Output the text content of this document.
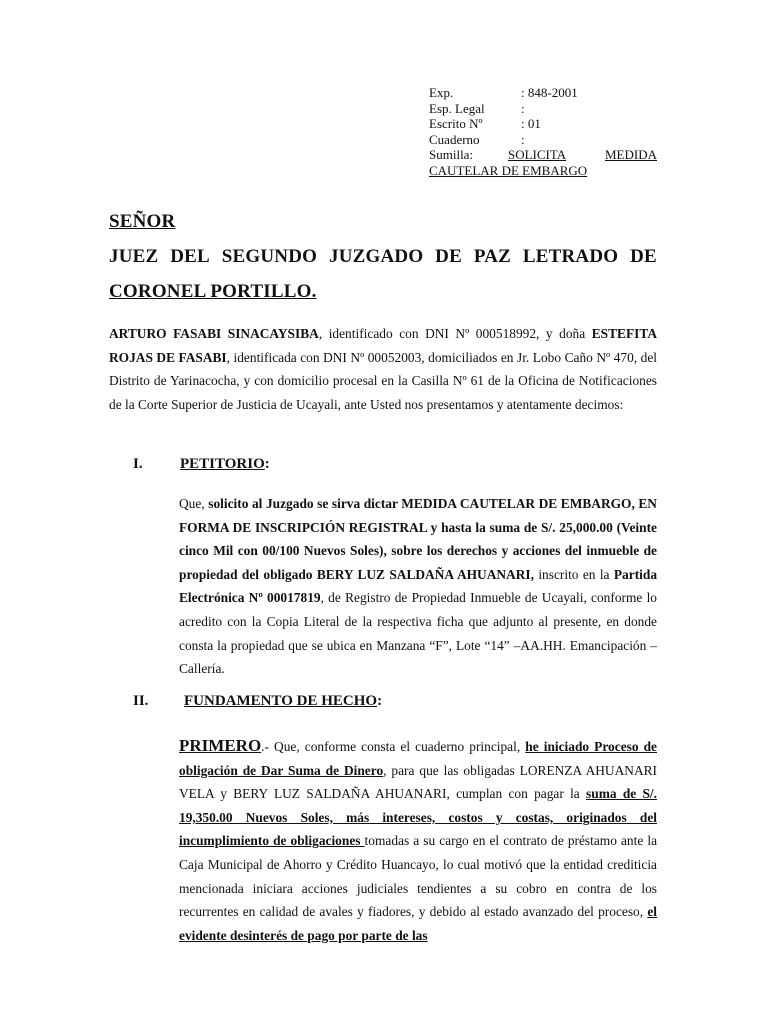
Exp.	: 848-2001
Esp. Legal	:
Escrito Nº	: 01
Cuaderno	:
Sumilla:	SOLICITA	MEDIDA
CAUTELAR DE EMBARGO
SEÑOR
JUEZ DEL SEGUNDO JUZGADO DE PAZ LETRADO DE
CORONEL PORTILLO.
ARTURO FASABI SINACAYSIBA, identificado con DNI Nº 000518992, y doña ESTEFITA ROJAS DE FASABI, identificada con DNI Nº 00052003, domiciliados en Jr. Lobo Caño Nº 470, del Distrito de Yarinacocha, y con domicilio procesal en la Casilla Nº 61 de la Oficina de Notificaciones de la Corte Superior de Justicia de Ucayali, ante Usted nos presentamos y atentamente decimos:
I. PETITORIO:
Que, solicito al Juzgado se sirva dictar MEDIDA CAUTELAR DE EMBARGO, EN FORMA DE INSCRIPCIÓN REGISTRAL y hasta la suma de S/. 25,000.00 (Veinte cinco Mil con 00/100 Nuevos Soles), sobre los derechos y acciones del inmueble de propiedad del obligado BERY LUZ SALDAÑA AHUANARI, inscrito en la Partida Electrónica Nº 00017819, de Registro de Propiedad Inmueble de Ucayali, conforme lo acredito con la Copia Literal de la respectiva ficha que adjunto al presente, en donde consta la propiedad que se ubica en Manzana “F”, Lote “14” –AA.HH. Emancipación – Callería.
II. FUNDAMENTO DE HECHO:
PRIMERO.- Que, conforme consta el cuaderno principal, he iniciado Proceso de obligación de Dar Suma de Dinero, para que las obligadas LORENZA AHUANARI VELA y BERY LUZ SALDAÑA AHUANARI, cumplan con pagar la suma de S/. 19,350.00 Nuevos Soles, más intereses, costos y costas, originados del incumplimiento de obligaciones tomadas a su cargo en el contrato de préstamo ante la Caja Municipal de Ahorro y Crédito Huancayo, lo cual motivó que la entidad crediticia mencionada iniciara acciones judiciales tendientes a su cobro en contra de los recurrentes en calidad de avales y fiadores, y debido al estado avanzado del proceso, el evidente desinterés de pago por parte de las
